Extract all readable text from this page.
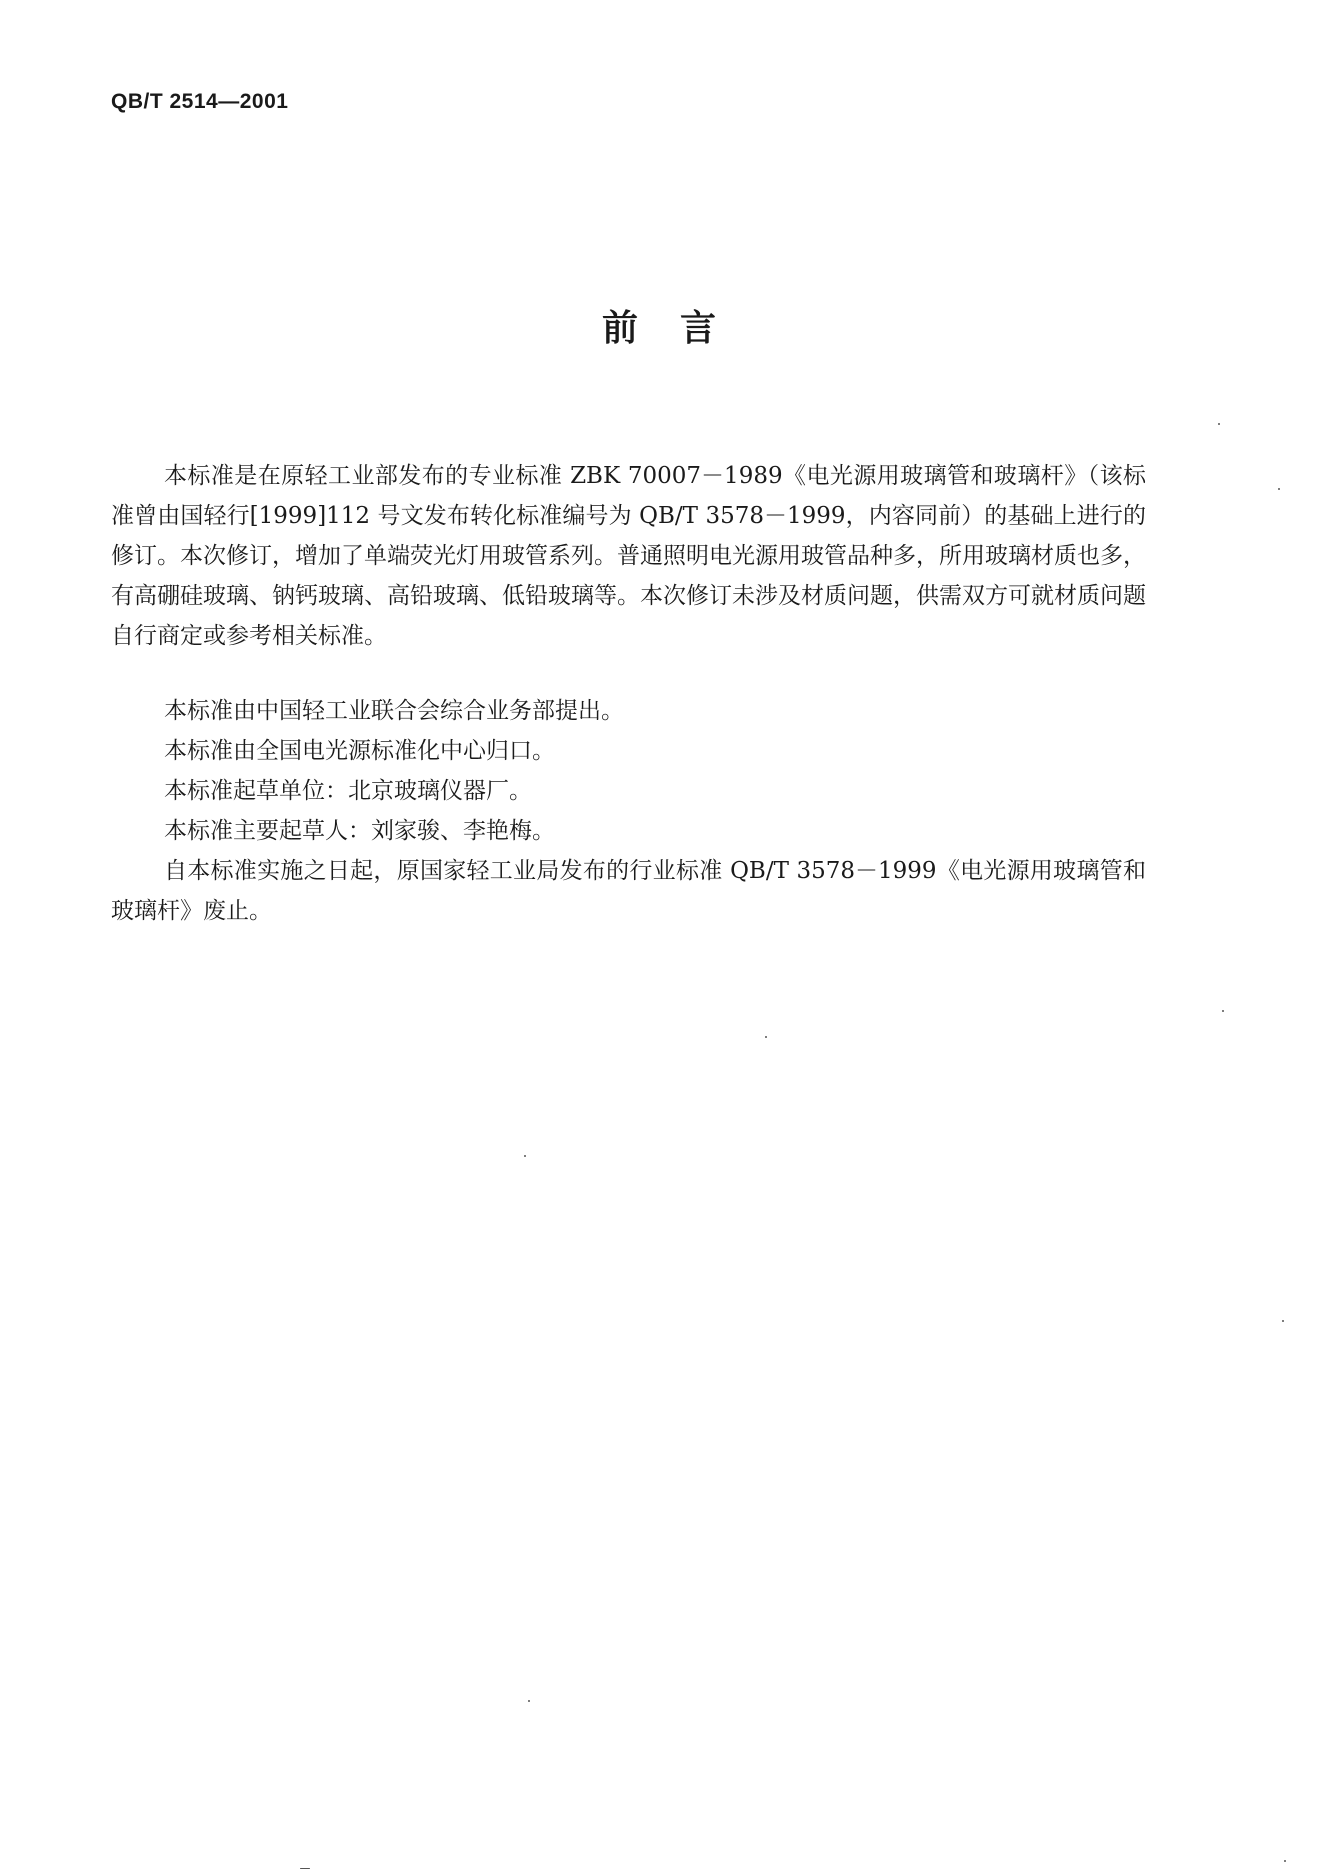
QB/T 2514—2001
前言

本标准是在原轻工业部发布的专业标准 ZBK 70007－1989《电光源用玻璃管和玻璃杆》（该标准曾由国轻行[1999]112 号文发布转化标准编号为 QB/T 3578－1999，内容同前）的基础上进行的修订。本次修订，增加了单端荧光灯用玻管系列。普通照明电光源用玻管品种多，所用玻璃材质也多，有高硼硅玻璃、钠钙玻璃、高铅玻璃、低铅玻璃等。本次修订未涉及材质问题，供需双方可就材质问题自行商定或参考相关标准。

本标准由中国轻工业联合会综合业务部提出。

本标准由全国电光源标准化中心归口。

本标准起草单位：北京玻璃仪器厂。

本标准主要起草人：刘家骏、李艳梅。

自本标准实施之日起，原国家轻工业局发布的行业标准 QB/T 3578－1999《电光源用玻璃管和玻璃杆》废止。
